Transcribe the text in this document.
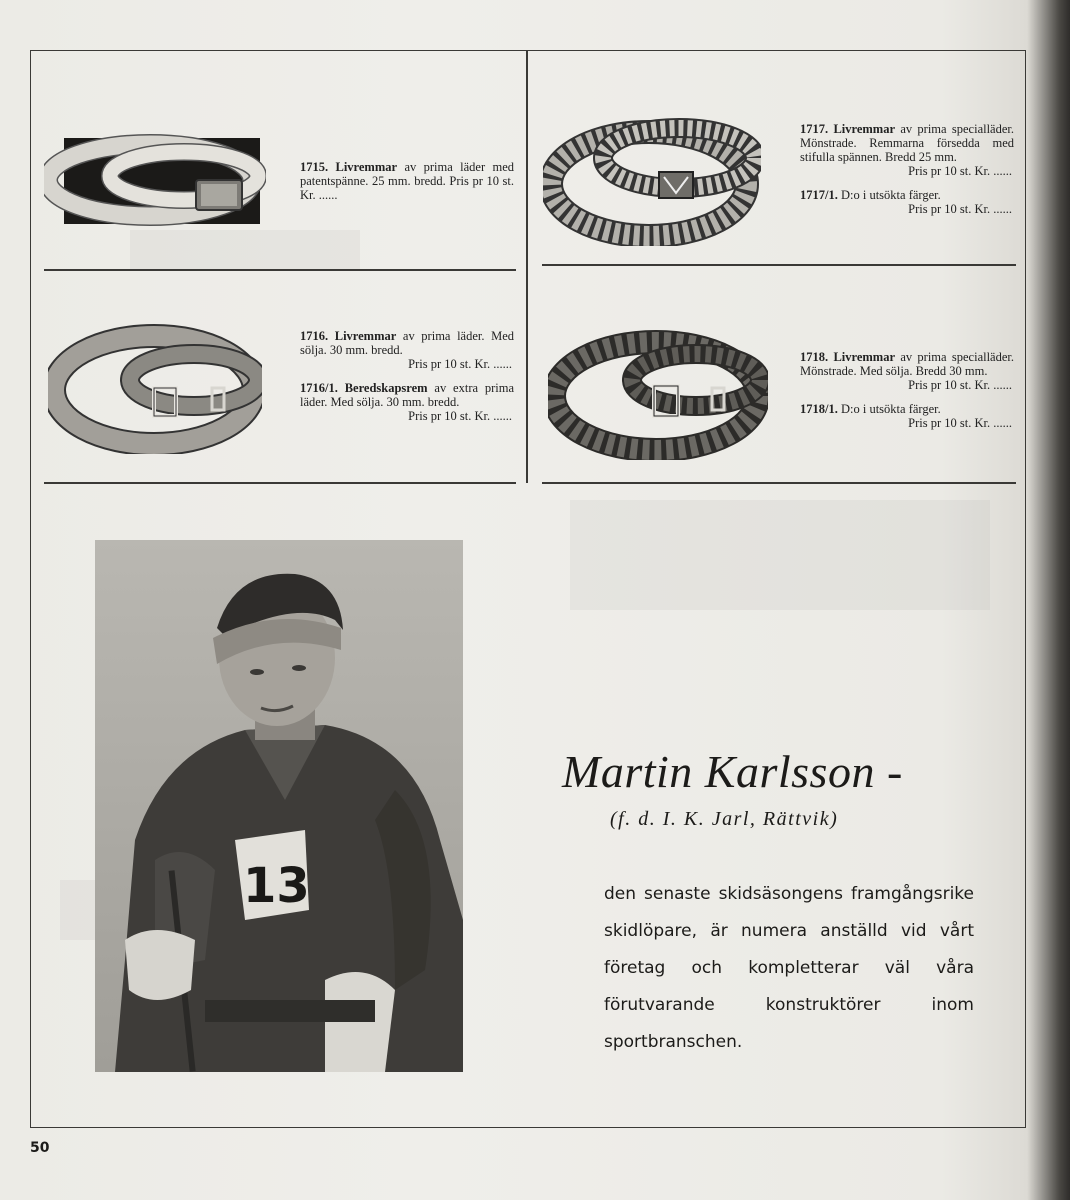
1715. Livremmar av prima läder med patentspänne. 25 mm. bredd. Pris pr 10 st. Kr. ......

1717. Livremmar av prima specialläder. Mönstrade. Remmarna försedda med stifulla spännen. Bredd 25 mm.

Pris pr 10 st. Kr. ......

1717/1. D:o i utsökta färger.

Pris pr 10 st. Kr. ......

1716. Livremmar av prima läder. Med sölja. 30 mm. bredd.

Pris pr 10 st. Kr. ......

1716/1. Beredskapsrem av extra prima läder. Med sölja. 30 mm. bredd.

Pris pr 10 st. Kr. ......

1718. Livremmar av prima specialläder. Mönstrade. Med sölja. Bredd 30 mm.

Pris pr 10 st. Kr. ......

1718/1. D:o i utsökta färger.

Pris pr 10 st. Kr. ......

13
Martin Karlsson -
(f. d. I. K. Jarl, Rättvik)
den senaste skidsäsongens framgångsrike skidlöpare, är numera anställd vid vårt företag och kompletterar väl våra förutvarande konstruktörer inom sportbranschen.
50
